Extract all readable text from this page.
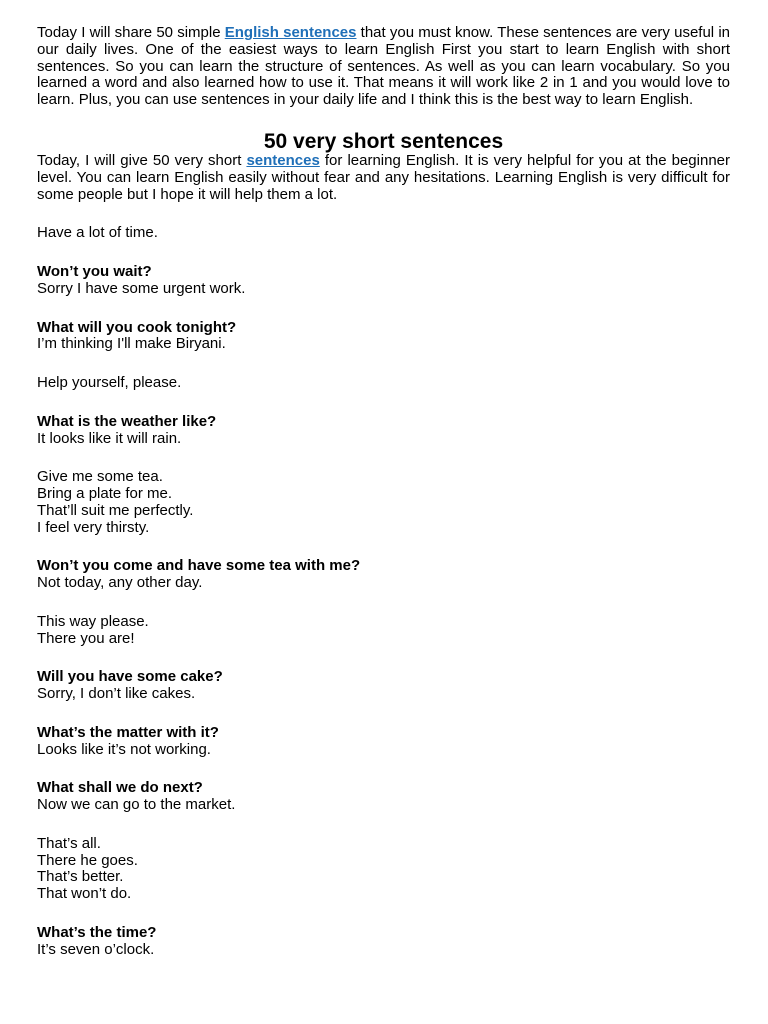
Today I will share 50 simple English sentences that you must know. These sentences are very useful in our daily lives. One of the easiest ways to learn English First you start to learn English with short sentences. So you can learn the structure of sentences. As well as you can learn vocabulary. So you learned a word and also learned how to use it. That means it will work like 2 in 1 and you would love to learn. Plus, you can use sentences in your daily life and I think this is the best way to learn English.

50 very short sentences

Today, I will give 50 very short sentences for learning English. It is very helpful for you at the beginner level. You can learn English easily without fear and any hesitations. Learning English is very difficult for some people but I hope it will help them a lot.

Have a lot of time.
Won’t you wait?
Sorry I have some urgent work.
What will you cook tonight?
I’m thinking I'll make Biryani.
Help yourself, please.
What is the weather like?
It looks like it will rain.
Give me some tea.
Bring a plate for me.
That’ll suit me perfectly.
I feel very thirsty.
Won’t you come and have some tea with me?
Not today, any other day.
This way please.
There you are!
Will you have some cake?
Sorry, I don’t like cakes.
What’s the matter with it?
Looks like it’s not working.
What shall we do next?
Now we can go to the market.
That’s all.
There he goes.
That’s better.
That won’t do.
What’s the time?
It’s seven o’clock.
